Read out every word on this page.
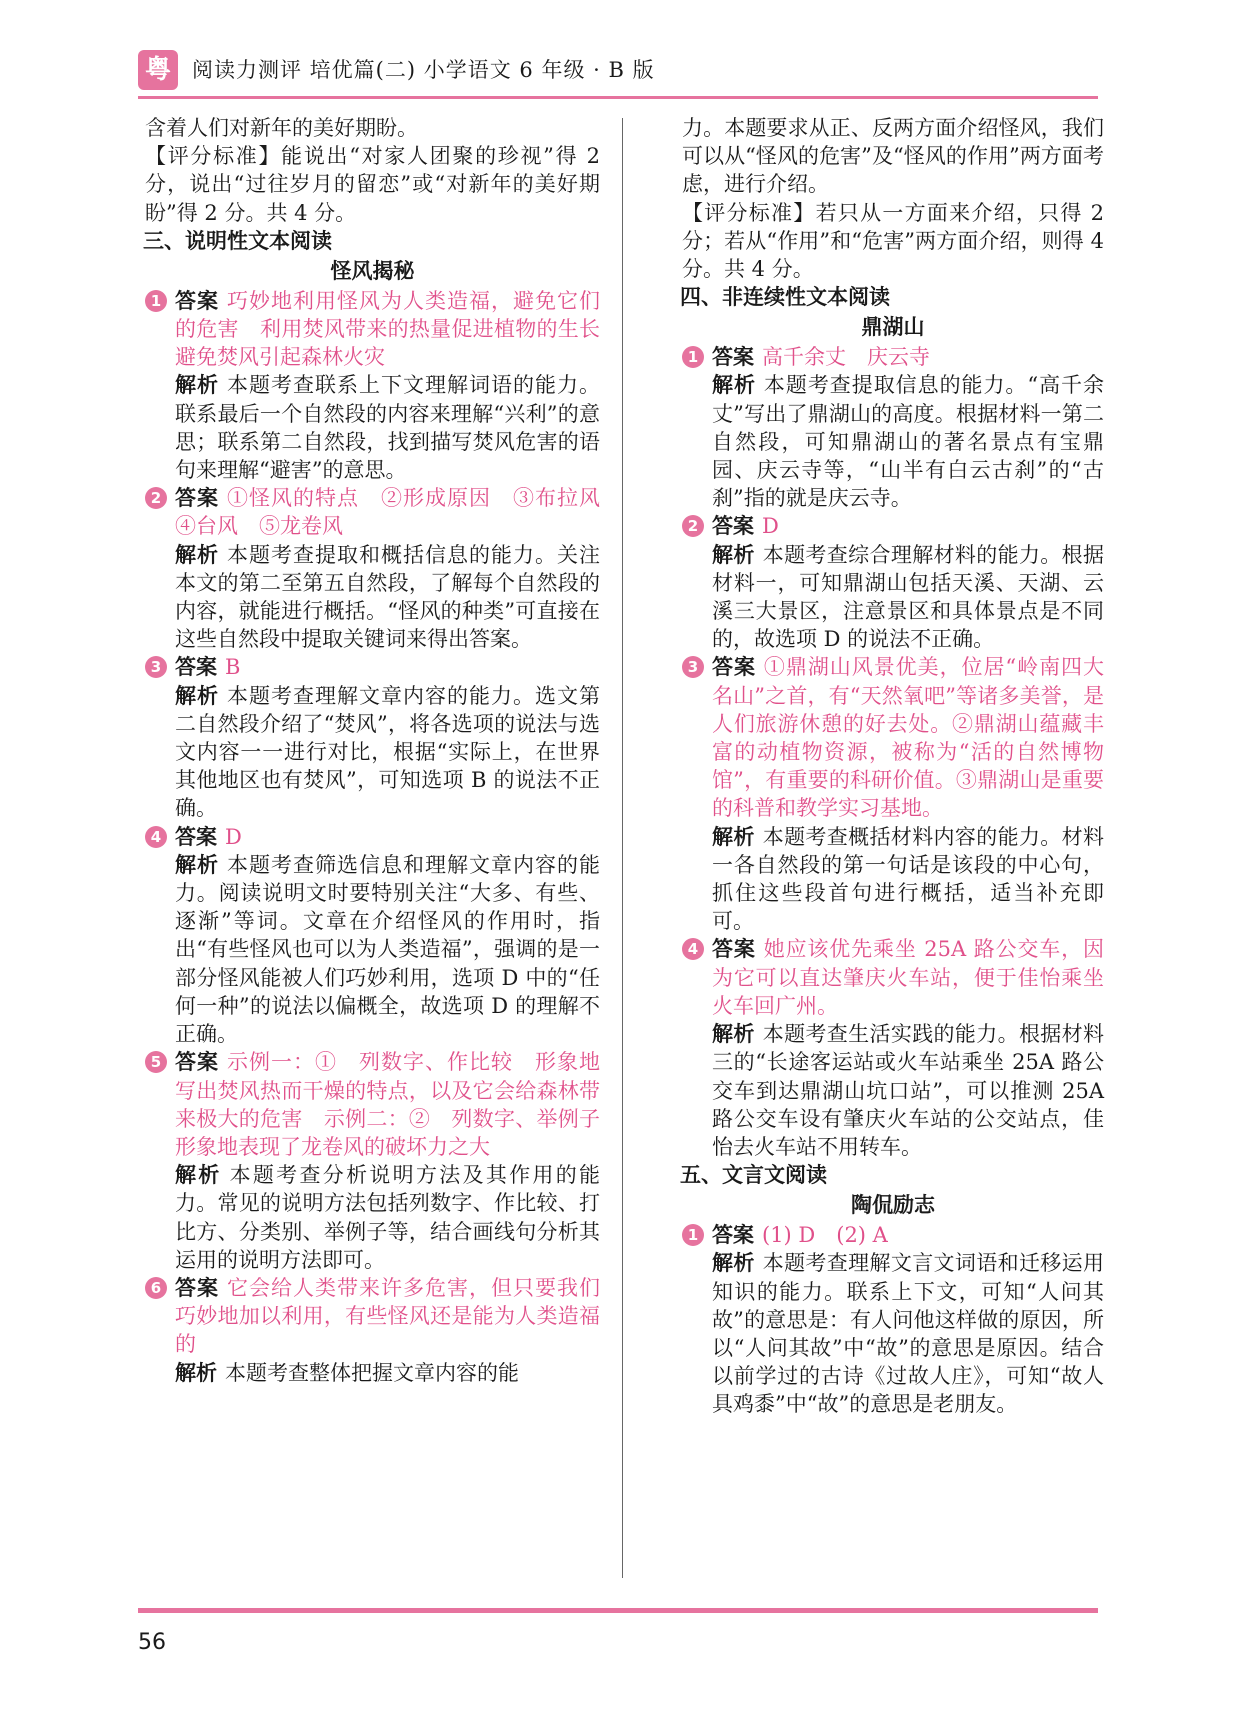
粤	阅读力测评 培优篇(二) 小学语文 6 年级 · B 版

含着人们对新年的美好期盼。

【评分标准】能说出“对家人团聚的珍视”得 2 分，说出“过往岁月的留恋”或“对新年的美好期盼”得 2 分。共 4 分。

三、说明性文本阅读
怪风揭秘
1 答案 巧妙地利用怪风为人类造福，避免它们的危害　利用焚风带来的热量促进植物的生长　避免焚风引起森林火灾

解析 本题考查联系上下文理解词语的能力。联系最后一个自然段的内容来理解“兴利”的意思；联系第二自然段，找到描写焚风危害的语句来理解“避害”的意思。

2 答案 ①怪风的特点　②形成原因　③布拉风　④台风　⑤龙卷风

解析 本题考查提取和概括信息的能力。关注本文的第二至第五自然段，了解每个自然段的内容，就能进行概括。“怪风的种类”可直接在这些自然段中提取关键词来得出答案。

3 答案 B

解析 本题考查理解文章内容的能力。选文第二自然段介绍了“焚风”，将各选项的说法与选文内容一一进行对比，根据“实际上，在世界其他地区也有焚风”，可知选项 B 的说法不正确。

4 答案 D

解析 本题考查筛选信息和理解文章内容的能力。阅读说明文时要特别关注“大多、有些、逐渐”等词。文章在介绍怪风的作用时，指出“有些怪风也可以为人类造福”，强调的是一部分怪风能被人们巧妙利用，选项 D 中的“任何一种”的说法以偏概全，故选项 D 的理解不正确。

5 答案 示例一：①　列数字、作比较　形象地写出焚风热而干燥的特点，以及它会给森林带来极大的危害　示例二：②　列数字、举例子　形象地表现了龙卷风的破坏力之大

解析 本题考查分析说明方法及其作用的能力。常见的说明方法包括列数字、作比较、打比方、分类别、举例子等，结合画线句分析其运用的说明方法即可。

6 答案 它会给人类带来许多危害，但只要我们巧妙地加以利用，有些怪风还是能为人类造福的

解析 本题考查整体把握文章内容的能

力。本题要求从正、反两方面介绍怪风，我们可以从“怪风的危害”及“怪风的作用”两方面考虑，进行介绍。

【评分标准】若只从一方面来介绍，只得 2 分；若从“作用”和“危害”两方面介绍，则得 4 分。共 4 分。

四、非连续性文本阅读
鼎湖山
1 答案 高千余丈　庆云寺

解析 本题考查提取信息的能力。“高千余丈”写出了鼎湖山的高度。根据材料一第二自然段，可知鼎湖山的著名景点有宝鼎园、庆云寺等，“山半有白云古刹”的“古刹”指的就是庆云寺。

2 答案 D

解析 本题考查综合理解材料的能力。根据材料一，可知鼎湖山包括天溪、天湖、云溪三大景区，注意景区和具体景点是不同的，故选项 D 的说法不正确。

3 答案 ①鼎湖山风景优美，位居“岭南四大名山”之首，有“天然氧吧”等诸多美誉，是人们旅游休憩的好去处。②鼎湖山蕴藏丰富的动植物资源，被称为“活的自然博物馆”，有重要的科研价值。③鼎湖山是重要的科普和教学实习基地。

解析 本题考查概括材料内容的能力。材料一各自然段的第一句话是该段的中心句，抓住这些段首句进行概括，适当补充即可。

4 答案 她应该优先乘坐 25A 路公交车，因为它可以直达肇庆火车站，便于佳怡乘坐火车回广州。

解析 本题考查生活实践的能力。根据材料三的“长途客运站或火车站乘坐 25A 路公交车到达鼎湖山坑口站”，可以推测 25A 路公交车设有肇庆火车站的公交站点，佳怡去火车站不用转车。

五、文言文阅读
陶侃励志
1 答案 (1) D　(2) A

解析 本题考查理解文言文词语和迁移运用知识的能力。联系上下文，可知“人问其故”的意思是：有人问他这样做的原因，所以“人问其故”中“故”的意思是原因。结合以前学过的古诗《过故人庄》，可知“故人具鸡黍”中“故”的意思是老朋友。

56
